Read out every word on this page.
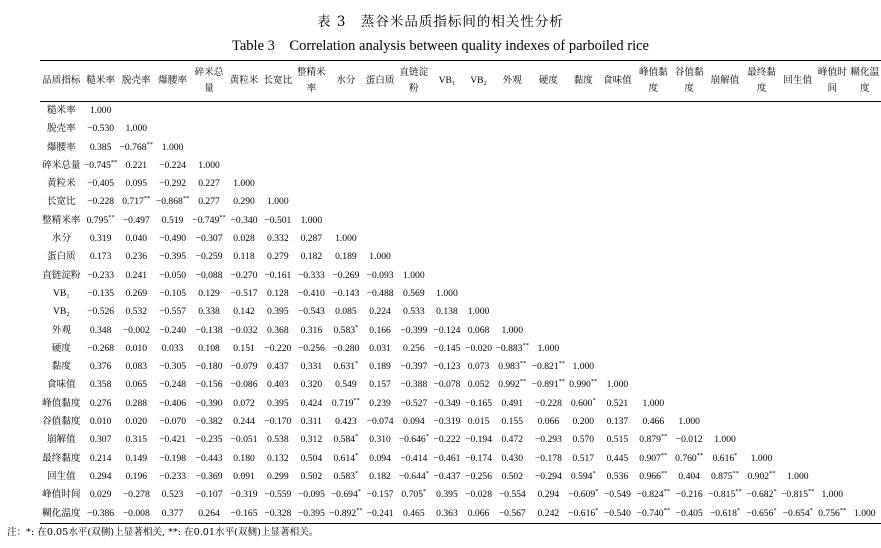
表 3　蒸谷米品质指标间的相关性分析
Table 3　Correlation analysis between quality indexes of parboiled rice
品质指标	糙米率	脱壳率	爆腰率	碎米总量	黄粒米	长宽比	整精米率	水分	蛋白质	直链淀粉	VB₁	VB₂	外观	硬度	黏度	食味值	峰值黏度	谷值黏度	崩解值	最终黏度	回生值	峰值时间	糊化温度
糙米率	1.000																						
脱壳率	−0.530	1.000																					
爆腰率	0.385	−0.768**	1.000																				
碎米总量	−0.745**	0.221	−0.224	1.000																			
黄粒米	−0.405	0.095	−0.292	0.227	1.000																		
长宽比	−0.228	0.717**	−0.868**	0.277	0.290	1.000																	
整精米率	0.795**	−0.497	0.519	−0.749**	−0.340	−0.501	1.000																
水分	0.319	0.040	−0.490	−0.307	0.028	0.332	0.287	1.000															
蛋白质	0.173	0.236	−0.395	−0.259	0.118	0.279	0.182	0.189	1.000														
直链淀粉	−0.233	0.241	−0.050	−0.088	−0.270	−0.161	−0.333	−0.269	−0.093	1.000													
VB₁	−0.135	0.269	−0.105	0.129	−0.517	0.128	−0.410	−0.143	−0.488	0.569	1.000												
VB₂	−0.526	0.532	−0.557	0.338	0.142	0.395	−0.543	0.085	0.224	0.533	0.138	1.000											
外观	0.348	−0.002	−0.240	−0.138	−0.032	0.368	0.316	0.583*	0.166	−0.399	−0.124	0.068	1.000										
硬度	−0.268	0.010	0.033	0.108	0.151	−0.220	−0.256	−0.280	0.031	0.256	−0.145	−0.020	−0.883**	1.000									
黏度	0.376	0.083	−0.305	−0.180	−0.079	0.437	0.331	0.631*	0.189	−0.397	−0.123	0.073	0.983**	−0.821**	1.000								
食味值	0.358	0.065	−0.248	−0.156	−0.086	0.403	0.320	0.549	0.157	−0.388	−0.078	0.052	0.992**	−0.891**	0.990**	1.000							
峰值黏度	0.276	0.288	−0.406	−0.390	0.072	0.395	0.424	0.719**	0.239	−0.527	−0.349	−0.165	0.491	−0.228	0.600*	0.521	1.000						
谷值黏度	0.010	0.020	−0.070	−0.382	0.244	−0.170	0.311	0.423	−0.074	0.094	−0.319	0.015	0.155	0.066	0.200	0.137	0.466	1.000					
崩解值	0.307	0.315	−0.421	−0.235	−0.051	0.538	0.312	0.584*	0.310	−0.646*	−0.222	−0.194	0.472	−0.293	0.570	0.515	0.879**	−0.012	1.000				
最终黏度	0.214	0.149	−0.198	−0.443	0.180	0.132	0.504	0.614*	0.094	−0.414	−0.461	−0.174	0.430	−0.178	0.517	0.445	0.907**	0.760**	0.616*	1.000			
回生值	0.294	0.196	−0.233	−0.369	0.091	0.299	0.502	0.583*	0.182	−0.644*	−0.437	−0.256	0.502	−0.294	0.594*	0.536	0.966**	0.404	0.875**	0.902**	1.000		
峰值时间	0.029	−0.278	0.523	−0.107	−0.319	−0.559	−0.095	−0.694*	−0.157	0.705*	0.395	−0.028	−0.554	0.294	−0.609*	−0.549	−0.824**	−0.216	−0.815**	−0.682*	−0.815**	1.000	
糊化温度	−0.386	−0.008	0.377	0.264	−0.165	−0.328	−0.395	−0.892**	−0.241	0.465	0.363	0.066	−0.567	0.242	−0.616*	−0.540	−0.740**	−0.405	−0.618*	−0.656*	−0.654*	0.756**	1.000
注：*: 在0.05水平(双侧)上显著相关, **: 在0.01水平(双侧)上显著相关。
